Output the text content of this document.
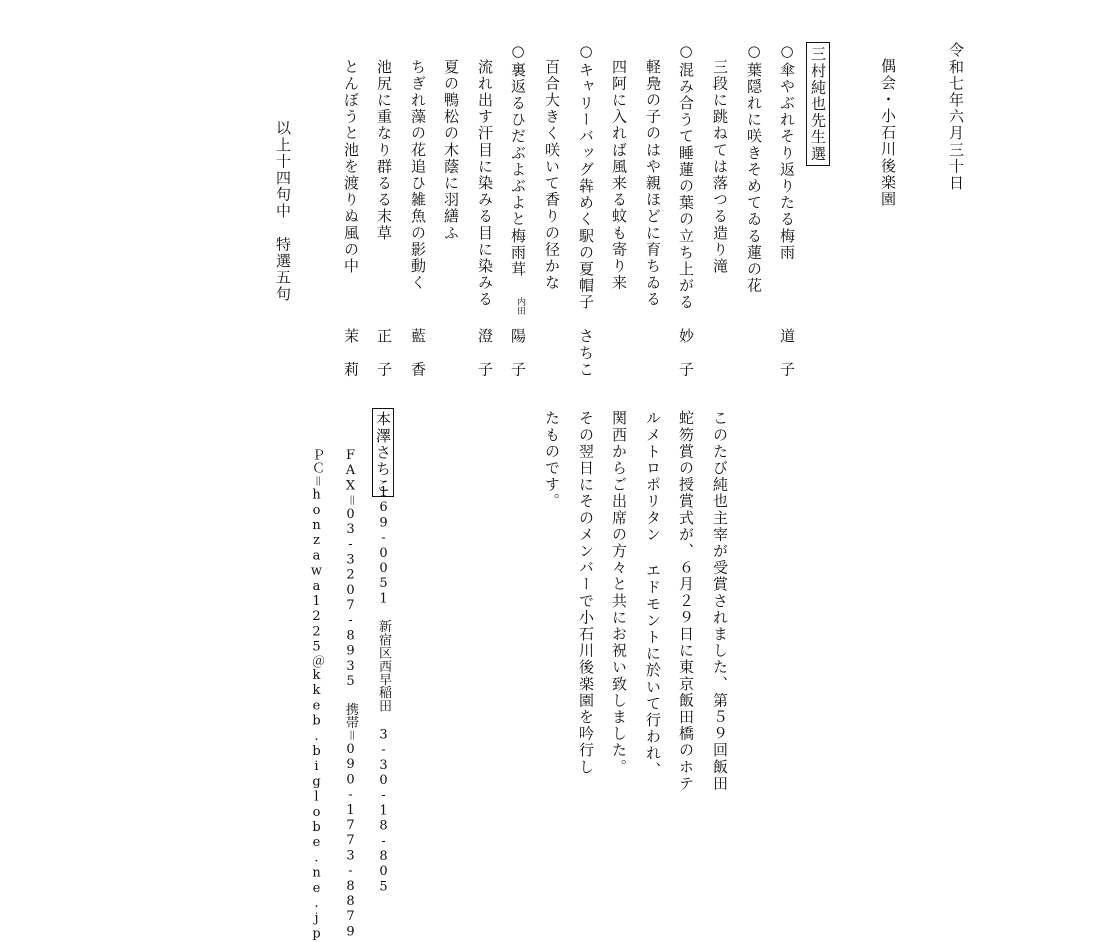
令和七年六月三十日
偶会・小石川後楽園
三村純也先生選
○傘やぶれそり返りたる梅雨
道　子
○葉隠れに咲きそめてゐる蓮の花
　三段に跳ねては落つる造り滝
○混み合うて睡蓮の葉の立ち上がる
妙　子
　軽鳧の子のはや親ほどに育ちゐる
　四阿に入れば風来る蚊も寄り来
○キャリーバッグ犇めく駅の夏帽子
さちこ
　百合大きく咲いて香りの径かな
○裏返るひだぶよぶよと梅雨茸
内田
陽　子
　流れ出す汗目に染みる目に染みる
澄　子
　夏の鴨松の木蔭に羽繕ふ
　ちぎれ藻の花追ひ雑魚の影動く
藍　香
　池尻に重なり群るる末草
正　子
　とんぼうと池を渡りぬ風の中
茉　莉
以上十四句中　特選五句
このたび純也主宰が受賞されました、第５９回飯田
蛇笏賞の授賞式が、６月２９日に東京飯田橋のホテ
ルメトロポリタン エドモントに於いて行われ、
関西からご出席の方々と共にお祝い致しました。
その翌日にそのメンバーで小石川後楽園を吟行し
たものです。
本澤さちこ
169-0051　新宿区西早稲田 3-30-18-805
FAX＝03-3207-8935　携帯＝090-1773-8879
ＰＣ＝honzawa1225＠kkeb.biglobe.ne.jp
